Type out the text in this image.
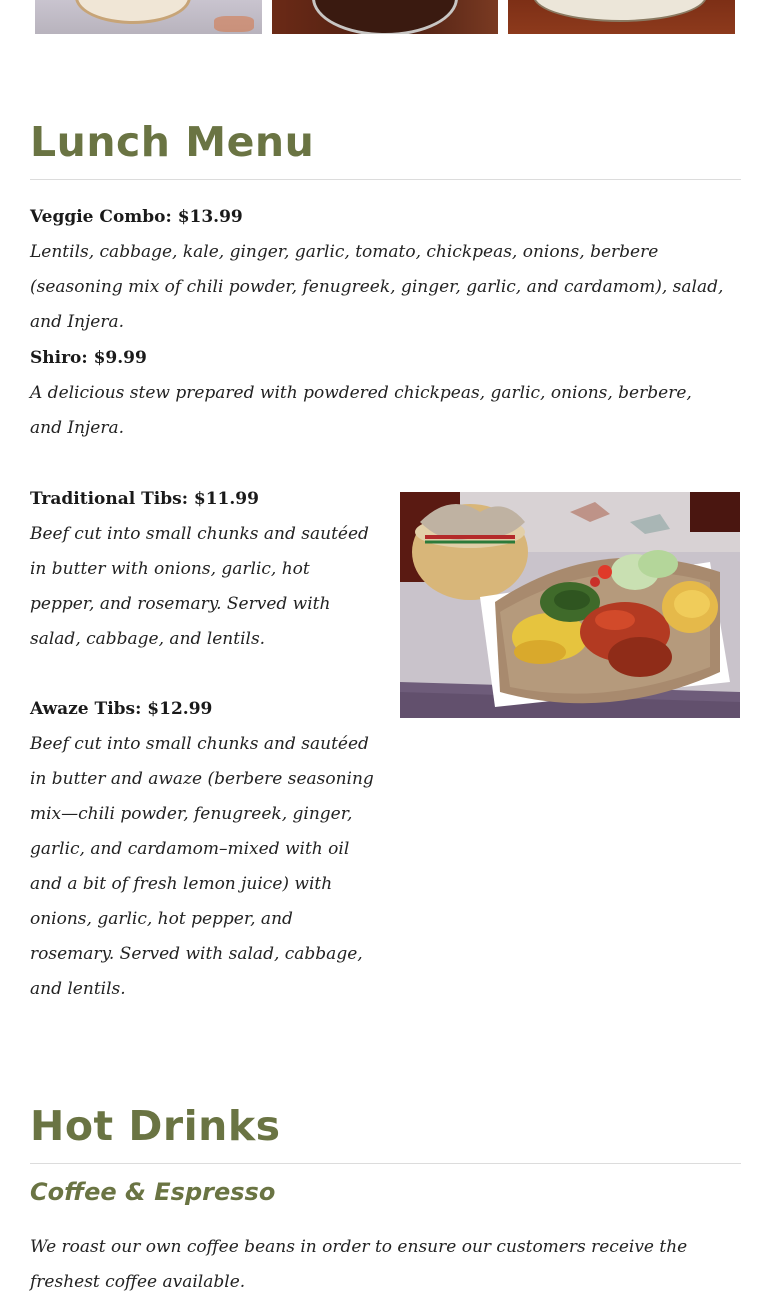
Lunch Menu
Veggie Combo: $13.99
Lentils, cabbage, kale, ginger, garlic, tomato, chickpeas, onions, berbere (seasoning mix of chili powder, fenugreek, ginger, garlic, and cardamom), salad, and Injera.
Shiro: $9.99
A delicious stew prepared with powdered chickpeas, garlic, onions, berbere, and Injera.
Traditional Tibs: $11.99
Beef cut into small chunks and sautéed in butter with onions, garlic, hot pepper, and rosemary. Served with salad, cabbage, and lentils.
Awaze Tibs: $12.99
Beef cut into small chunks and sautéed in butter and awaze (berbere seasoning mix—chili powder, fenugreek, ginger, garlic, and cardamom–mixed with oil and a bit of fresh lemon juice) with onions, garlic, hot pepper, and rosemary. Served with salad, cabbage, and lentils.
Hot Drinks
Coffee & Espresso

We roast our own coffee beans in order to ensure our customers receive the freshest coffee available.
